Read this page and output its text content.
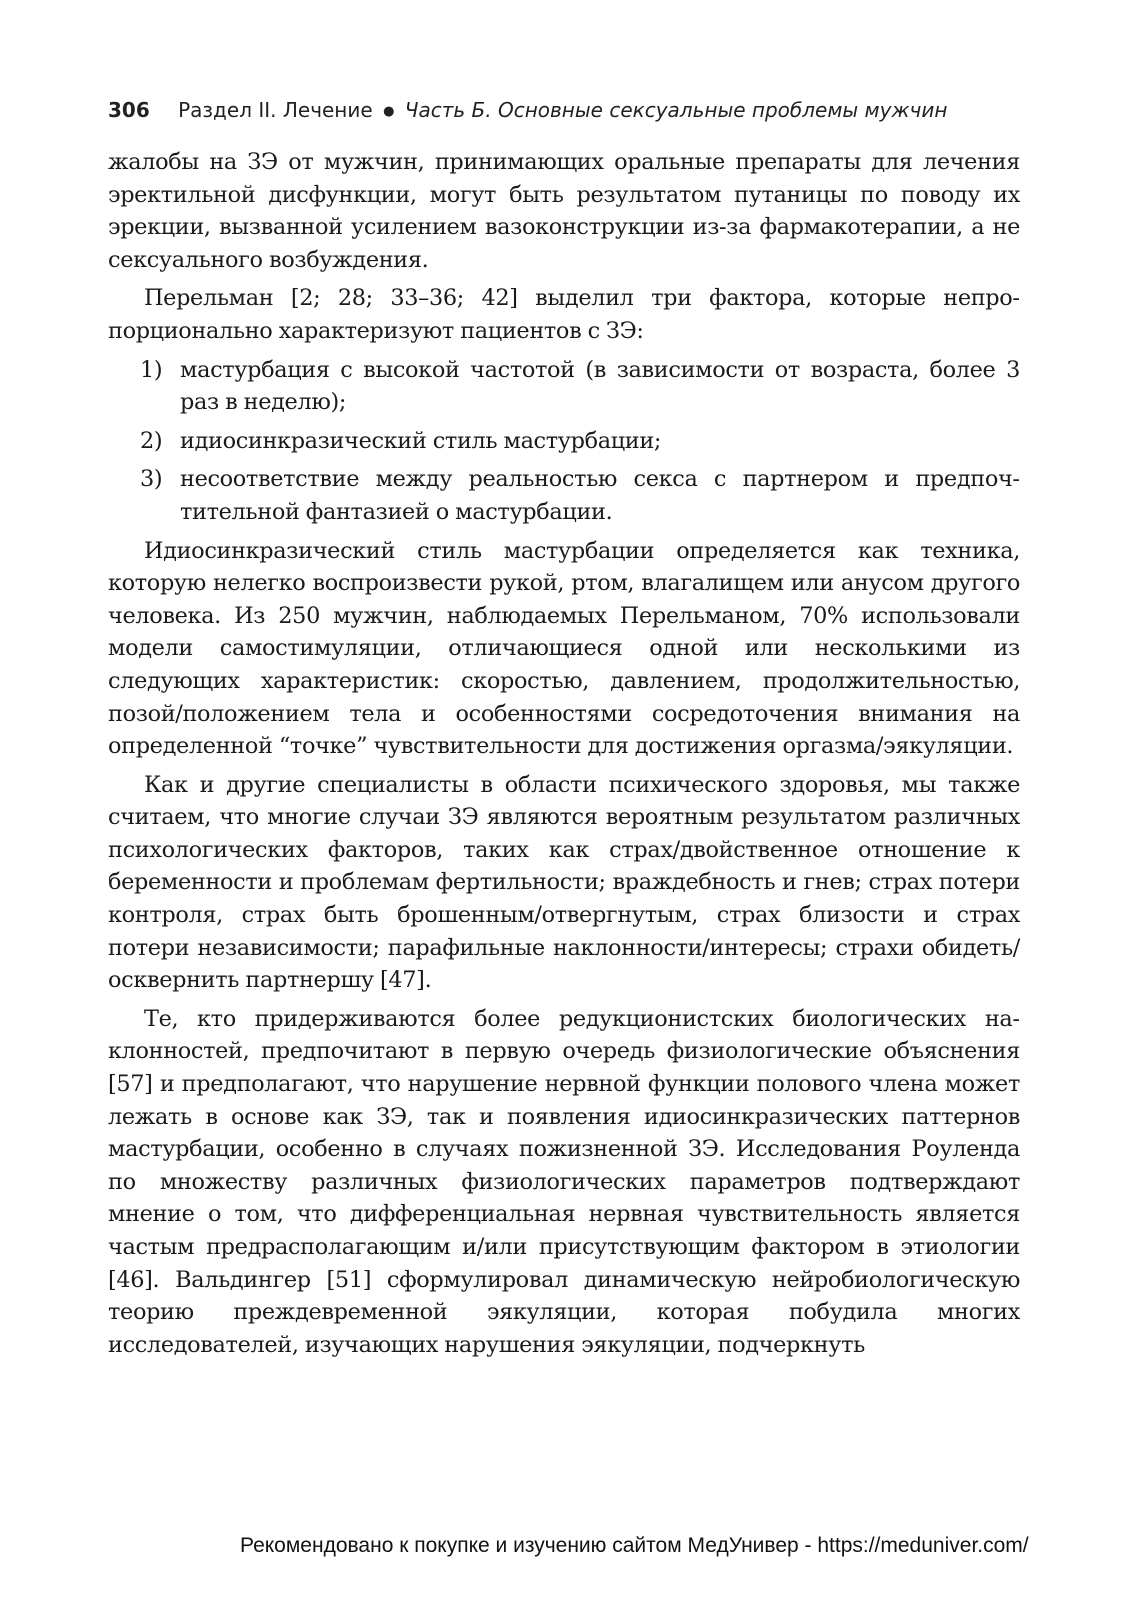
306 Раздел II. Лечение ● Часть Б. Основные сексуальные проблемы мужчин

жалобы на ЗЭ от мужчин, принимающих оральные препараты для лечения эректильной дисфункции, могут быть результатом путаницы по поводу их эрекции, вызванной усилением вазоконструкции из-за фармакотерапии, а не сексуального возбуждения.

Перельман [2; 28; 33–36; 42] выделил три фактора, которые непропорционально характеризуют пациентов с ЗЭ:

1) мастурбация с высокой частотой (в зависимости от возраста, более 3 раз в неделю);
2) идиосинкразический стиль мастурбации;
3) несоответствие между реальностью секса с партнером и предпочтительной фантазией о мастурбации.

Идиосинкразический стиль мастурбации определяется как техника, которую нелегко воспроизвести рукой, ртом, влагалищем или анусом другого человека. Из 250 мужчин, наблюдаемых Перельманом, 70% использовали модели самостимуляции, отличающиеся одной или несколькими из следующих характеристик: скоростью, давлением, продолжительностью, позой/положением тела и особенностями сосредоточения внимания на определенной “точке” чувствительности для достижения оргазма/эякуляции.

Как и другие специалисты в области психического здоровья, мы также считаем, что многие случаи ЗЭ являются вероятным результатом различных психологических факторов, таких как страх/двойственное отношение к беременности и проблемам фертильности; враждебность и гнев; страх потери контроля, страх быть брошенным/отвергнутым, страх близости и страх потери независимости; парафильные наклонности/интересы; страхи обидеть/осквернить партнершу [47].

Те, кто придерживаются более редукционистских биологических наклонностей, предпочитают в первую очередь физиологические объяснения [57] и предполагают, что нарушение нервной функции полового члена может лежать в основе как ЗЭ, так и появления идиосинкразических паттернов мастурбации, особенно в случаях пожизненной ЗЭ. Исследования Роуленда по множеству различных физиологических параметров подтверждают мнение о том, что дифференциальная нервная чувствительность является частым предрасполагающим и/или присутствующим фактором в этиологии [46]. Вальдингер [51] сформулировал динамическую нейробиологическую теорию преждевременной эякуляции, которая побудила многих исследователей, изучающих нарушения эякуляции, подчеркнуть

Рекомендовано к покупке и изучению сайтом МедУнивер - https://meduniver.com/
